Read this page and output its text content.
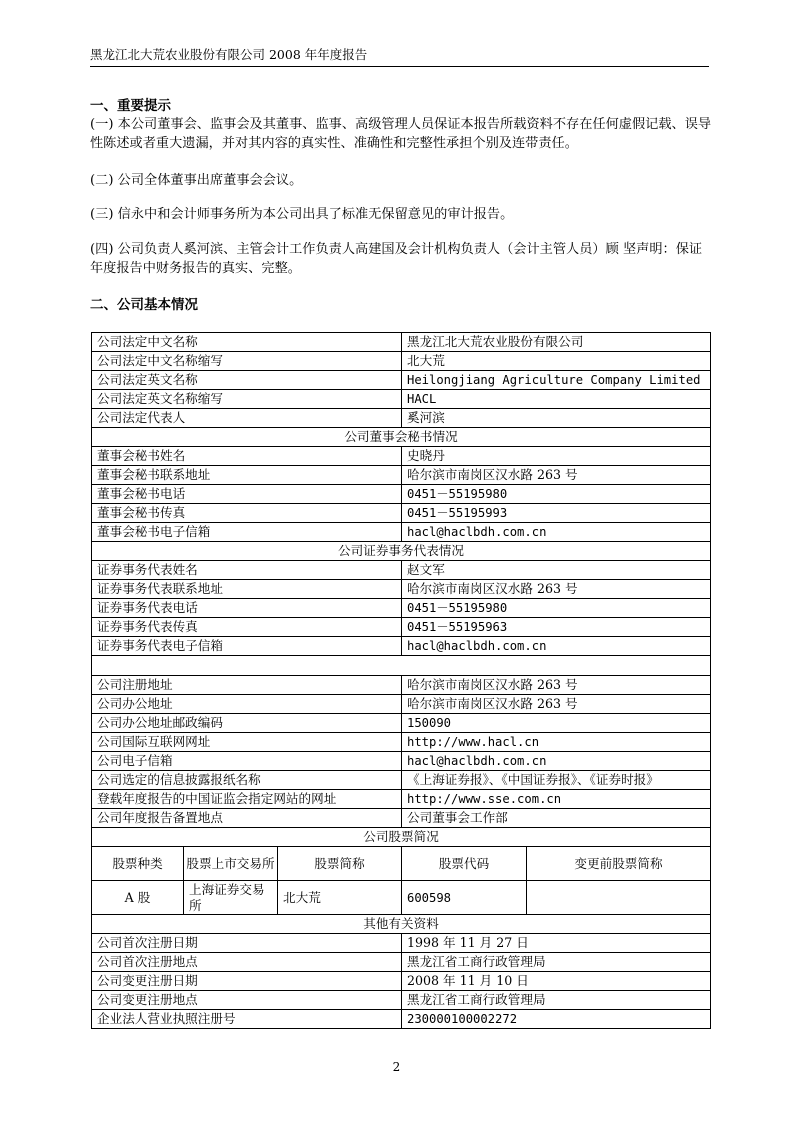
黑龙江北大荒农业股份有限公司 2008 年年度报告
一、重要提示
(一) 本公司董事会、监事会及其董事、监事、高级管理人员保证本报告所载资料不存在任何虚假记载、误导性陈述或者重大遗漏，并对其内容的真实性、准确性和完整性承担个别及连带责任。
(二) 公司全体董事出席董事会会议。
(三) 信永中和会计师事务所为本公司出具了标准无保留意见的审计报告。
(四) 公司负责人奚河滨、主管会计工作负责人高建国及会计机构负责人（会计主管人员）顾 坚声明：保证年度报告中财务报告的真实、完整。
二、公司基本情况
公司法定中文名称			黑龙江北大荒农业股份有限公司	
公司法定中文名称缩写			北大荒	
公司法定英文名称			Heilongjiang Agriculture Company Limited	
公司法定英文名称缩写			HACL	
公司法定代表人			奚河滨	
公司董事会秘书情况				
董事会秘书姓名			史晓丹	
董事会秘书联系地址			哈尔滨市南岗区汉水路 263 号	
董事会秘书电话			0451－55195980	
董事会秘书传真			0451－55195993	
董事会秘书电子信箱			hacl@haclbdh.com.cn	
公司证券事务代表情况				
证券事务代表姓名			赵文军	
证券事务代表联系地址			哈尔滨市南岗区汉水路 263 号	
证券事务代表电话			0451－55195980	
证券事务代表传真			0451－55195963	
证券事务代表电子信箱			hacl@haclbdh.com.cn	

公司注册地址			哈尔滨市南岗区汉水路 263 号	
公司办公地址			哈尔滨市南岗区汉水路 263 号	
公司办公地址邮政编码			150090	
公司国际互联网网址			http://www.hacl.cn	
公司电子信箱			hacl@haclbdh.com.cn	
公司选定的信息披露报纸名称			《上海证券报》、《中国证券报》、《证券时报》	
登载年度报告的中国证监会指定网站的网址			http://www.sse.com.cn	
公司年度报告备置地点			公司董事会工作部	
公司股票简况				
股票种类	股票上市交易所	股票简称	股票代码	变更前股票简称
A 股	上海证券交易所	北大荒	600598	
其他有关资料				
公司首次注册日期			1998 年 11 月 27 日	
公司首次注册地点			黑龙江省工商行政管理局	
公司变更注册日期			2008 年 11 月 10 日	
公司变更注册地点			黑龙江省工商行政管理局	
企业法人营业执照注册号			230000100002272	
2
